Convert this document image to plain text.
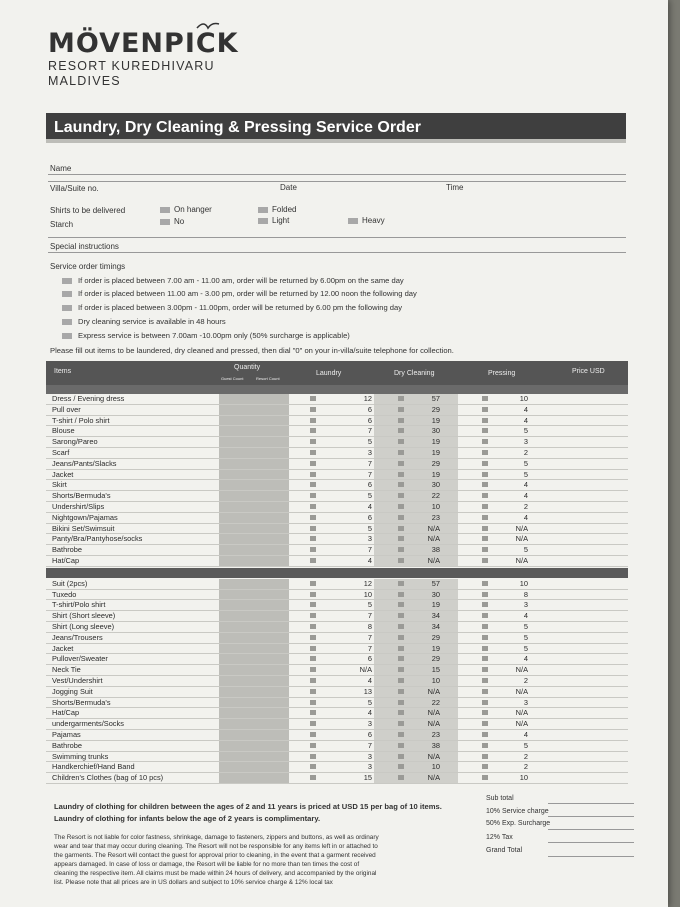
MÖVENPICK
RESORT KUREDHIVARU
MALDIVES
Laundry, Dry Cleaning & Pressing Service Order
Name
Villa/Suite no.	Date	Time
Shirts to be delivered	On hanger	Folded
Starch	No	Light	Heavy
Special instructions
Service order timings
If order is placed between 7.00 am - 11.00 am, order will be returned by 6.00pm on the same day
If order is placed between 11.00 am - 3.00 pm, order will be returned by 12.00 noon the following day
If order is placed between 3.00pm - 11.00pm, order will be returned by 6.00 pm the following day
Dry cleaning service is available in 48 hours
Express service is between 7.00am -10.00pm only (50% surcharge is applicable)
Please fill out items to be laundered, dry cleaned and pressed, then dial "0" on your in-villa/suite telephone for collection.
Items
Quantity
Guest Count	Resort Count
Laundry	Dry Cleaning	Pressing	Price USD
Dress / Evening dress	12	57	10
Pull over	6	29	4
T-shirt / Polo shirt	6	19	4
Blouse	7	30	5
Sarong/Pareo	5	19	3
Scarf	3	19	2
Jeans/Pants/Slacks	7	29	5
Jacket	7	19	5
Skirt	6	30	4
Shorts/Bermuda's	5	22	4
Undershirt/Slips	4	10	2
Nightgown/Pajamas	6	23	4
Bikini Set/Swimsuit	5	N/A	N/A
Panty/Bra/Pantyhose/socks	3	N/A	N/A
Bathrobe	7	38	5
Hat/Cap	4	N/A	N/A
Suit (2pcs)	12	57	10
Tuxedo	10	30	8
T-shirt/Polo shirt	5	19	3
Shirt (Short sleeve)	7	34	4
Shirt (Long sleeve)	8	34	5
Jeans/Trousers	7	29	5
Jacket	7	19	5
Pullover/Sweater	6	29	4
Neck Tie	N/A	15	N/A
Vest/Undershirt	4	10	2
Jogging Suit	13	N/A	N/A
Shorts/Bermuda's	5	22	3
Hat/Cap	4	N/A	N/A
undergarments/Socks	3	N/A	N/A
Pajamas	6	23	4
Bathrobe	7	38	5
Swimming trunks	3	N/A	2
Handkerchief/Hand Band	3	10	2
Children's Clothes (bag of 10 pcs)	15	N/A	10
Sub total
10% Service charge
50% Exp. Surcharge
12% Tax
Grand Total
Laundry of clothing for children between the ages of 2 and 11 years is priced at USD 15 per bag of 10 items.
Laundry of clothing for infants below the age of 2 years is complimentary.
The Resort is not liable for color fastness, shrinkage, damage to fasteners, zippers and buttons, as well as ordinary wear and tear that may occur during cleaning. The Resort will not be responsible for any items left in or attached to the garments. The Resort will contact the guest for approval prior to cleaning, in the event that a garment received appears damaged. In case of loss or damage, the Resort will be liable for no more than ten times the cost of cleaning the respective item. All claims must be made within 24 hours of delivery, and accompanied by the original list. Please note that all prices are in US dollars and subject to 10% service charge & 12% local tax
